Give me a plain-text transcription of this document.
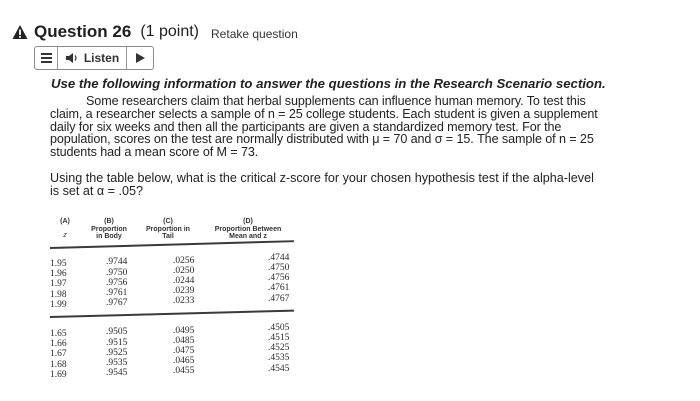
Question 26 (1 point) Retake question
Listen
Use the following information to answer the questions in the Research Scenario section.
Some researchers claim that herbal supplements can influence human memory. To test this claim, a researcher selects a sample of n = 25 college students. Each student is given a supplement daily for six weeks and then all the participants are given a standardized memory test. For the population, scores on the test are normally distributed with μ = 70 and σ = 15. The sample of n = 25 students had a mean score of M = 73.
Using the table below, what is the critical z-score for your chosen hypothesis test if the alpha-level is set at α = .05?
(A)
z
(B)
Proportion in Body
(C)
Proportion in Tail
(D)
Proportion Between Mean and z
1.95	.9744	.0256	.4744
1.96	.9750	.0250	.4750
1.97	.9756	.0244	.4756
1.98	.9761	.0239	.4761
1.99	.9767	.0233	.4767
1.65	.9505	.0495	.4505
1.66	.9515	.0485	.4515
1.67	.9525	.0475	.4525
1.68	.9535	.0465	.4535
1.69	.9545	.0455	.4545
